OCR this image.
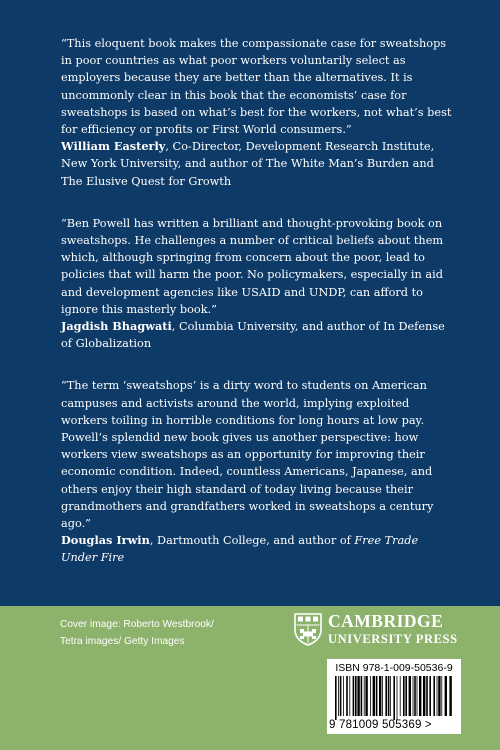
“This eloquent book makes the compassionate case for sweatshops in poor countries as what poor workers voluntarily select as employers because they are better than the alternatives. It is uncommonly clear in this book that the economists’ case for sweatshops is based on what’s best for the workers, not what’s best for efficiency or profits or First World consumers.”

William Easterly, Co-Director, Development Research Institute, New York University, and author of The White Man’s Burden and The Elusive Quest for Growth

“Ben Powell has written a brilliant and thought-provoking book on sweatshops. He challenges a number of critical beliefs about them which, although springing from concern about the poor, lead to policies that will harm the poor. No policymakers, especially in aid and development agencies like USAID and UNDP, can afford to ignore this masterly book.”

Jagdish Bhagwati, Columbia University, and author of In Defense of Globalization

“The term ‘sweatshops’ is a dirty word to students on American campuses and activists around the world, implying exploited workers toiling in horrible conditions for long hours at low pay. Powell’s splendid new book gives us another perspective: how workers view sweatshops as an opportunity for improving their economic condition. Indeed, countless Americans, Japanese, and others enjoy their high standard of today living because their grandmothers and grandfathers worked in sweatshops a century ago.”

Douglas Irwin, Dartmouth College, and author of Free Trade Under Fire

Cover image: Roberto Westbrook/
Tetra images/ Getty Images
CAMBRIDGE
UNIVERSITY PRESS
ISBN 978-1-009-50536-9
9 781009 505369 >
